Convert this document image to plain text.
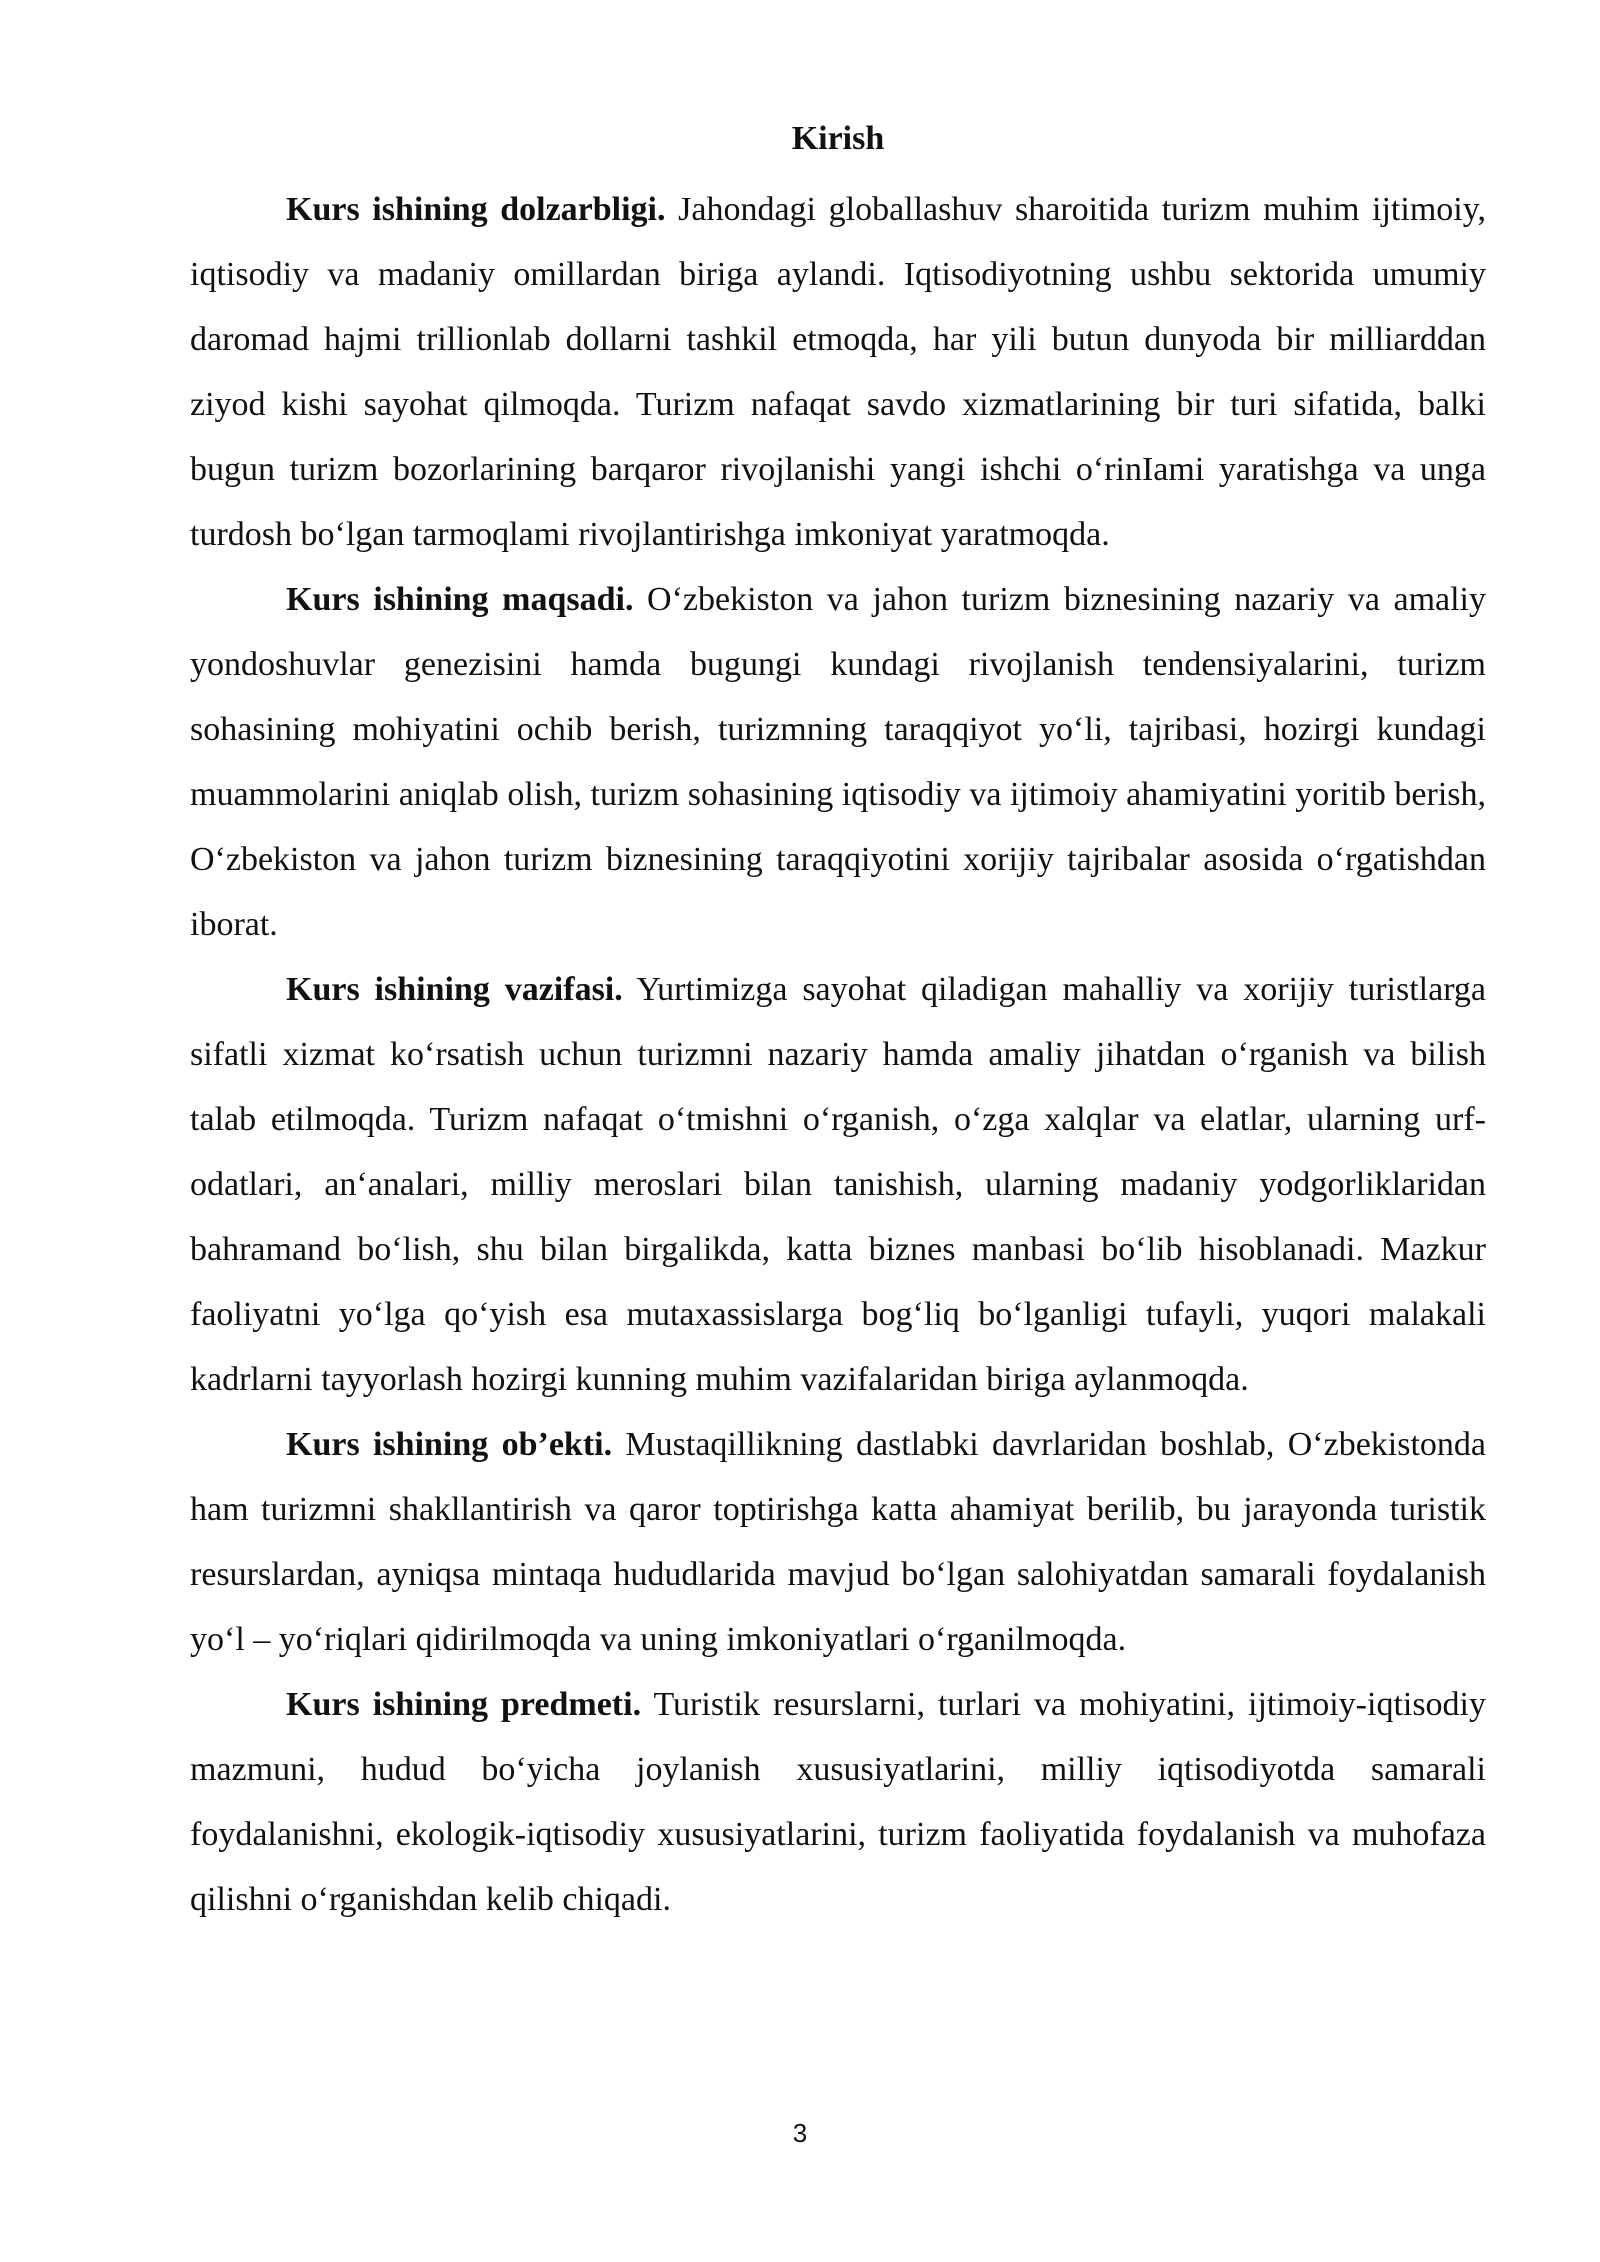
Kirish

Kurs ishining dolzarbligi. Jahondagi globallashuv sharoitida turizm muhim ijtimoiy, iqtisodiy va madaniy omillardan biriga aylandi. Iqtisodiyotning ushbu sektorida umumiy daromad hajmi trillionlab dollarni tashkil etmoqda, har yili butun dunyoda bir milliarddan ziyod kishi sayohat qilmoqda. Turizm nafaqat savdo xizmatlarining bir turi sifatida, balki bugun turizm bozorlarining barqaror rivojlanishi yangi ishchi o‘rinIami yaratishga va unga turdosh bo‘lgan tarmoqlami rivojlantirishga imkoniyat yaratmoqda.

Kurs ishining maqsadi. O‘zbekiston va jahon turizm biznesining nazariy va amaliy yondoshuvlar genezisini hamda bugungi kundagi rivojlanish tendensiyalarini, turizm sohasining mohiyatini ochib berish, turizmning taraqqiyot yo‘li, tajribasi, hozirgi kundagi muammolarini aniqlab olish, turizm sohasining iqtisodiy va ijtimoiy ahamiyatini yoritib berish, O‘zbekiston va jahon turizm biznesining taraqqiyotini xorijiy tajribalar asosida o‘rgatishdan iborat.

Kurs ishining vazifasi. Yurtimizga sayohat qiladigan mahalliy va xorijiy turistlarga sifatli xizmat ko‘rsatish uchun turizmni nazariy hamda amaliy jihatdan o‘rganish va bilish talab etilmoqda. Turizm nafaqat o‘tmishni o‘rganish, o‘zga xalqlar va elatlar, ularning urf-odatlari, an‘analari, milliy meroslari bilan tanishish, ularning madaniy yodgorliklaridan bahramand bo‘lish, shu bilan birgalikda, katta biznes manbasi bo‘lib hisoblanadi. Mazkur faoliyatni yo‘lga qo‘yish esa mutaxassislarga bog‘liq bo‘lganligi tufayli, yuqori malakali kadrlarni tayyorlash hozirgi kunning muhim vazifalaridan biriga aylanmoqda.

Kurs ishining ob’ekti. Mustaqillikning dastlabki davrlaridan boshlab, O‘zbekistonda ham turizmni shakllantirish va qaror toptirishga katta ahamiyat berilib, bu jarayonda turistik resurslardan, ayniqsa mintaqa hududlarida mavjud bo‘lgan salohiyatdan samarali foydalanish yo‘l – yo‘riqlari qidirilmoqda va uning imkoniyatlari o‘rganilmoqda.

Kurs ishining predmeti. Turistik resurslarni, turlari va mohiyatini, ijtimoiy-iqtisodiy mazmuni, hudud bo‘yicha joylanish xususiyatlarini, milliy iqtisodiyotda samarali foydalanishni, ekologik-iqtisodiy xususiyatlarini, turizm faoliyatida foydalanish va muhofaza qilishni o‘rganishdan kelib chiqadi.

3
